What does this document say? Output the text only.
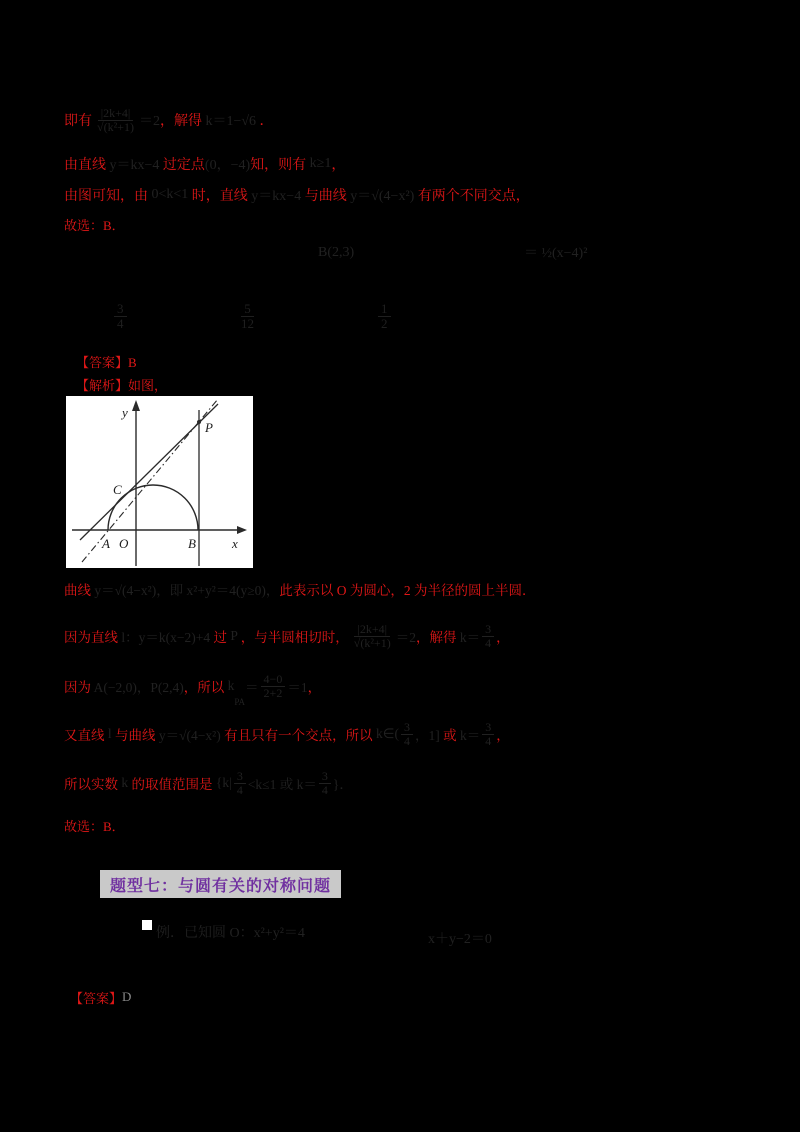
即有 $\frac{|2k+4|}{\text{√(k²+1)}} =2$ ，解得 k＝1−√6 ．
由直线 y＝kx−4 过定点 (0，−4) 知，则有 k≥1 ，
由图可知，由 0<k<1 时，直线 y＝kx−4 与曲线 y＝√(4−x²) 有两个不同交点，
故选：B．
B(2,3)	＝ ½(x−4)²
$\frac{3}{4}$	$\frac{5}{12}$	$\frac{1}{2}$
【答案】B
【解析】如图，
y
x
O
A	B
C
P
曲线 y＝√(4−x²) ，即 x²+y²＝4(y≥0)， 此表示以 O 为圆心，2 为半径的圆上半圆．
因为直线 l：y＝k(x−2)+4 过 P ，与半圆相切时， $\frac{|2k+4|}{\text{√(k²+1)}} =2$ ，解得 $k= \frac{3}{4}$ ，
因为 A(−2,0)，P(2,4) ，所以 k
PA
＝ $\frac{4-0}{2+2} =1$ ，
又直线 l 与曲线 y＝√(4−x²) 有且只有一个交点，所以 k∈( $\frac{3}{4}$ ，1] 或 $k= \frac{3}{4}$ ，
所以实数 k 的取值范围是 {$k| \frac{3}{4} <k\le 1$ 或 $k= \frac{3}{4}$ }．
故选：B．
题型七：与圆有关的对称问题
例．已知圆 O：x²+y²＝4	x＋y−2＝0
【答案】 D
